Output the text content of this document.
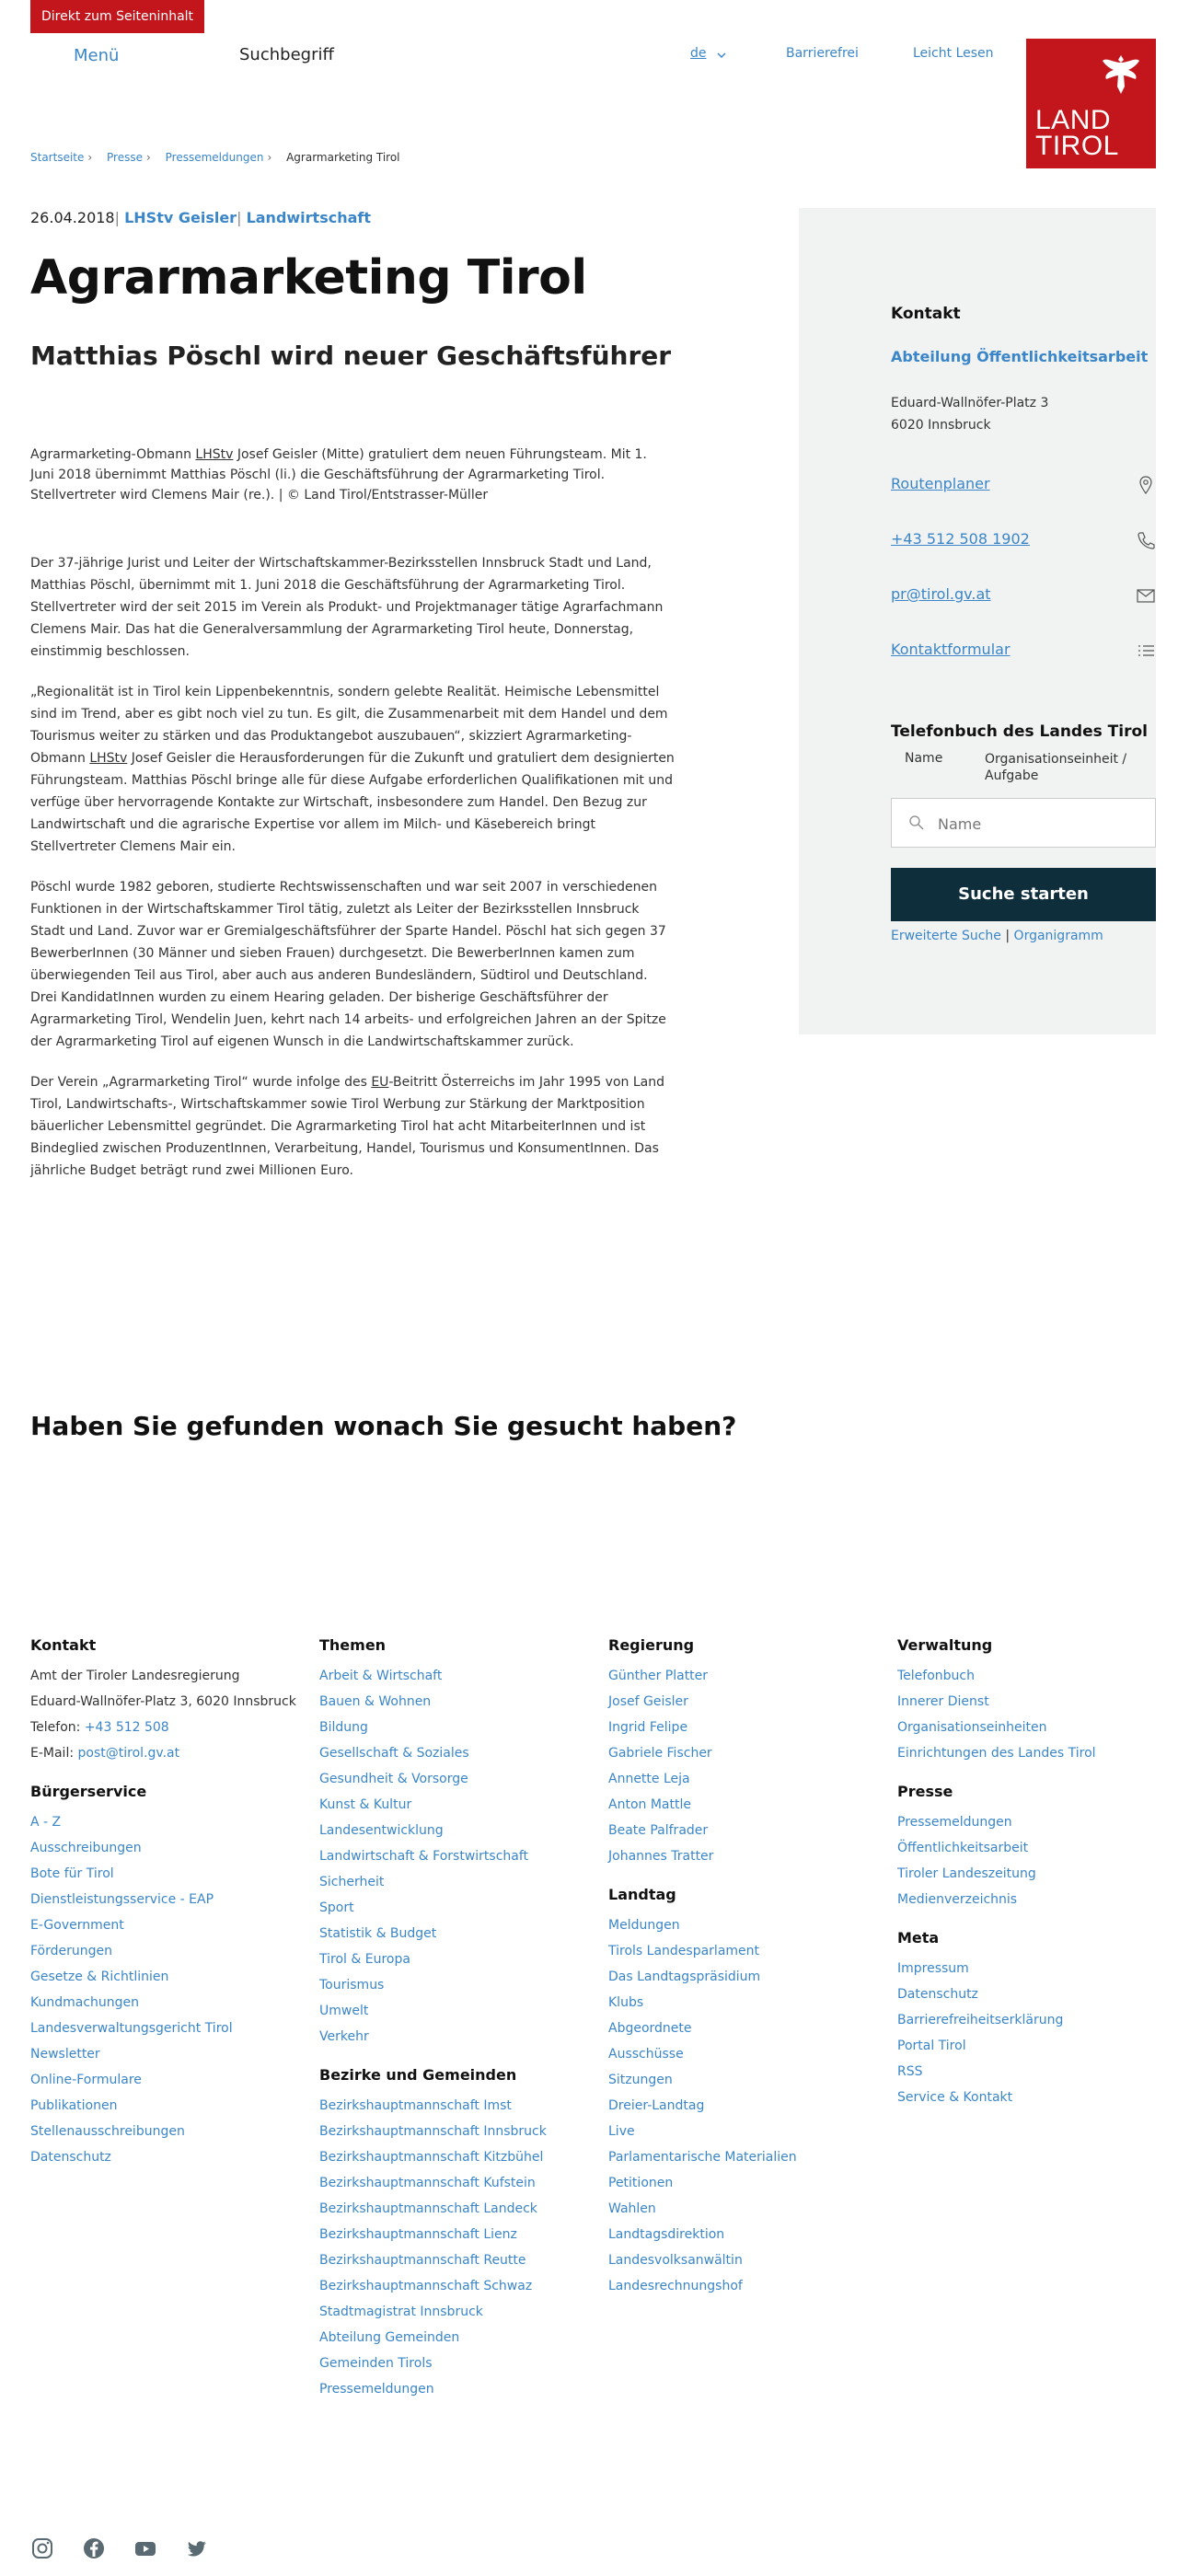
Direkt zum Seiteninhalt
Menü	Suchbegriff	de	Barrierefrei	Leicht Lesen
LAND
TIROL
Startseite › Presse › Pressemeldungen › Agrarmarketing Tirol
26.04.2018| LHStv Geisler| Landwirtschaft
Agrarmarketing Tirol
Matthias Pöschl wird neuer Geschäftsführer
Agrarmarketing-Obmann LHStv Josef Geisler (Mitte) gratuliert dem neuen Führungsteam. Mit 1. Juni 2018 übernimmt Matthias Pöschl (li.) die Geschäftsführung der Agrarmarketing Tirol. Stellvertreter wird Clemens Mair (re.). | © Land Tirol/Entstrasser-Müller

Der 37-jährige Jurist und Leiter der Wirtschaftskammer-Bezirksstellen Innsbruck Stadt und Land, Matthias Pöschl, übernimmt mit 1. Juni 2018 die Geschäftsführung der Agrarmarketing Tirol. Stellvertreter wird der seit 2015 im Verein als Produkt- und Projektmanager tätige Agrarfachmann Clemens Mair. Das hat die Generalversammlung der Agrarmarketing Tirol heute, Donnerstag, einstimmig beschlossen.

„Regionalität ist in Tirol kein Lippenbekenntnis, sondern gelebte Realität. Heimische Lebensmittel sind im Trend, aber es gibt noch viel zu tun. Es gilt, die Zusammenarbeit mit dem Handel und dem Tourismus weiter zu stärken und das Produktangebot auszubauen“, skizziert Agrarmarketing-Obmann LHStv Josef Geisler die Herausforderungen für die Zukunft und gratuliert dem designierten Führungsteam. Matthias Pöschl bringe alle für diese Aufgabe erforderlichen Qualifikationen mit und verfüge über hervorragende Kontakte zur Wirtschaft, insbesondere zum Handel. Den Bezug zur Landwirtschaft und die agrarische Expertise vor allem im Milch- und Käsebereich bringt Stellvertreter Clemens Mair ein.

Pöschl wurde 1982 geboren, studierte Rechtswissenschaften und war seit 2007 in verschiedenen Funktionen in der Wirtschaftskammer Tirol tätig, zuletzt als Leiter der Bezirksstellen Innsbruck Stadt und Land. Zuvor war er Gremialgeschäftsführer der Sparte Handel. Pöschl hat sich gegen 37 BewerberInnen (30 Männer und sieben Frauen) durchgesetzt. Die BewerberInnen kamen zum überwiegenden Teil aus Tirol, aber auch aus anderen Bundesländern, Südtirol und Deutschland. Drei KandidatInnen wurden zu einem Hearing geladen. Der bisherige Geschäftsführer der Agrarmarketing Tirol, Wendelin Juen, kehrt nach 14 arbeits- und erfolgreichen Jahren an der Spitze der Agrarmarketing Tirol auf eigenen Wunsch in die Landwirtschaftskammer zurück.

Der Verein „Agrarmarketing Tirol“ wurde infolge des EU-Beitritt Österreichs im Jahr 1995 von Land Tirol, Landwirtschafts-, Wirtschaftskammer sowie Tirol Werbung zur Stärkung der Marktposition bäuerlicher Lebensmittel gegründet. Die Agrarmarketing Tirol hat acht MitarbeiterInnen und ist Bindeglied zwischen ProduzentInnen, Verarbeitung, Handel, Tourismus und KonsumentInnen. Das jährliche Budget beträgt rund zwei Millionen Euro.

Kontakt
Abteilung Öffentlichkeitsarbeit
Eduard-Wallnöfer-Platz 3
6020 Innsbruck
Routenplaner
+43 512 508 1902
pr@tirol.gv.at
Kontaktformular
Telefonbuch des Landes Tirol
Name	Organisationseinheit / Aufgabe
Name
Suche starten
Erweiterte Suche | Organigramm
Haben Sie gefunden wonach Sie gesucht haben?
Kontakt
Amt der Tiroler Landesregierung
Eduard-Wallnöfer-Platz 3, 6020 Innsbruck
Telefon: +43 512 508
E-Mail: post@tirol.gv.at
Bürgerservice
A - Z
Ausschreibungen
Bote für Tirol
Dienstleistungsservice - EAP
E-Government
Förderungen
Gesetze & Richtlinien
Kundmachungen
Landesverwaltungsgericht Tirol
Newsletter
Online-Formulare
Publikationen
Stellenausschreibungen
Datenschutz
Themen
Arbeit & Wirtschaft
Bauen & Wohnen
Bildung
Gesellschaft & Soziales
Gesundheit & Vorsorge
Kunst & Kultur
Landesentwicklung
Landwirtschaft & Forstwirtschaft
Sicherheit
Sport
Statistik & Budget
Tirol & Europa
Tourismus
Umwelt
Verkehr
Bezirke und Gemeinden
Bezirkshauptmannschaft Imst
Bezirkshauptmannschaft Innsbruck
Bezirkshauptmannschaft Kitzbühel
Bezirkshauptmannschaft Kufstein
Bezirkshauptmannschaft Landeck
Bezirkshauptmannschaft Lienz
Bezirkshauptmannschaft Reutte
Bezirkshauptmannschaft Schwaz
Stadtmagistrat Innsbruck
Abteilung Gemeinden
Gemeinden Tirols
Pressemeldungen
Regierung
Günther Platter
Josef Geisler
Ingrid Felipe
Gabriele Fischer
Annette Leja
Anton Mattle
Beate Palfrader
Johannes Tratter
Landtag
Meldungen
Tirols Landesparlament
Das Landtagspräsidium
Klubs
Abgeordnete
Ausschüsse
Sitzungen
Dreier-Landtag
Live
Parlamentarische Materialien
Petitionen
Wahlen
Landtagsdirektion
Landesvolksanwältin
Landesrechnungshof
Verwaltung
Telefonbuch
Innerer Dienst
Organisationseinheiten
Einrichtungen des Landes Tirol
Presse
Pressemeldungen
Öffentlichkeitsarbeit
Tiroler Landeszeitung
Medienverzeichnis
Meta
Impressum
Datenschutz
Barrierefreiheitserklärung
Portal Tirol
RSS
Service & Kontakt
